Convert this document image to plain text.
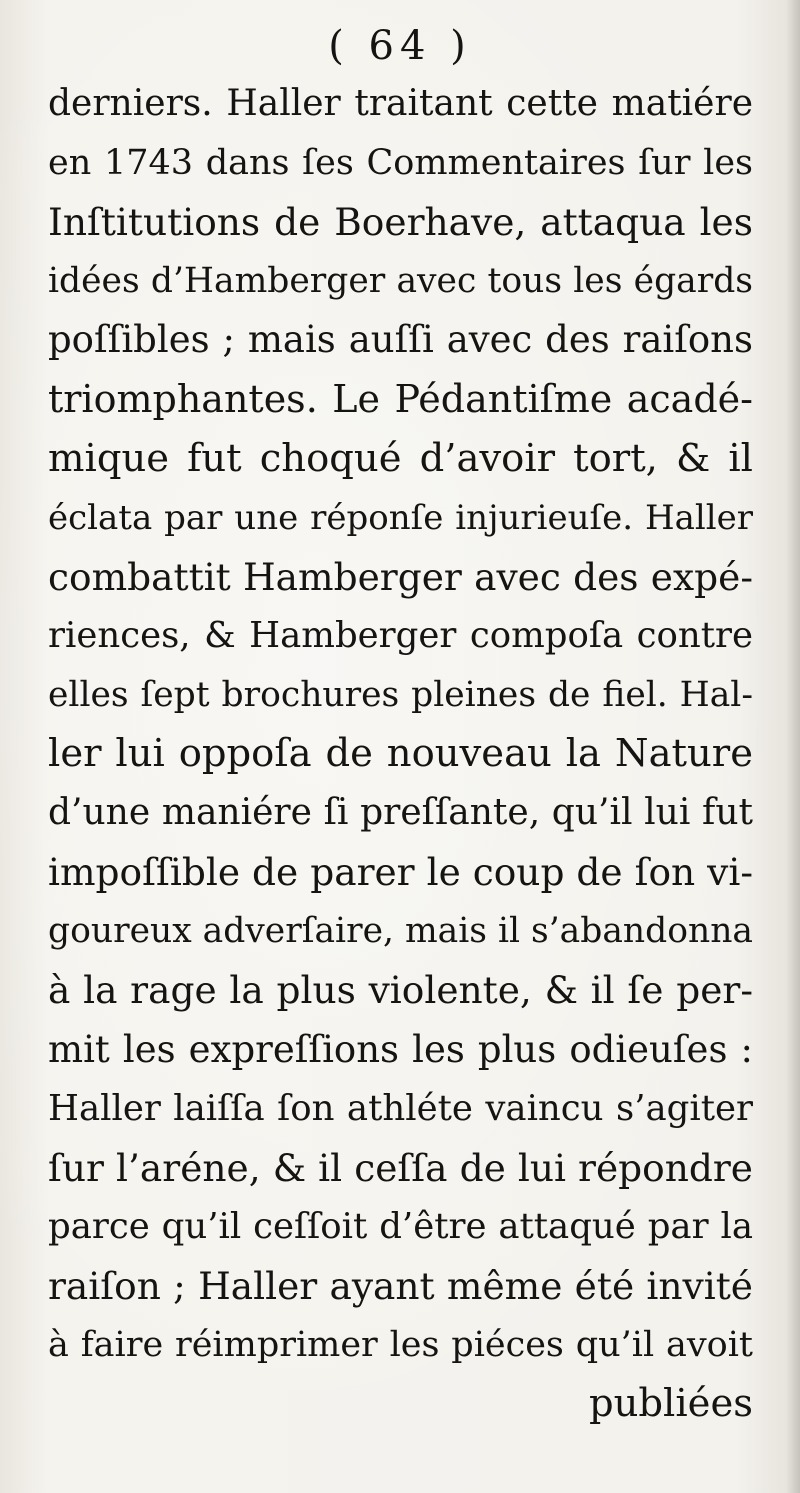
( 64 )
derniers. Haller traitant cette matiére
en 1743 dans ſes Commentaires ſur les
Inſtitutions de Boerhave, attaqua les
idées d’Hamberger avec tous les égards
poſſibles ; mais auſſi avec des raiſons
triomphantes. Le Pédantiſme acadé-
mique fut choqué d’avoir tort, & il
éclata par une réponſe injurieuſe. Haller
combattit Hamberger avec des expé-
riences, & Hamberger compoſa contre
elles ſept brochures pleines de fiel. Hal-
ler lui oppoſa de nouveau la Nature
d’une maniére ſi preſſante, qu’il lui fut
impoſſible de parer le coup de ſon vi-
goureux adverſaire, mais il s’abandonna
à la rage la plus violente, & il ſe per-
mit les expreſſions les plus odieuſes :
Haller laiſſa ſon athléte vaincu s’agiter
ſur l’aréne, & il ceſſa de lui répondre
parce qu’il ceſſoit d’être attaqué par la
raiſon ; Haller ayant même été invité
à faire réimprimer les piéces qu’il avoit
publiées
